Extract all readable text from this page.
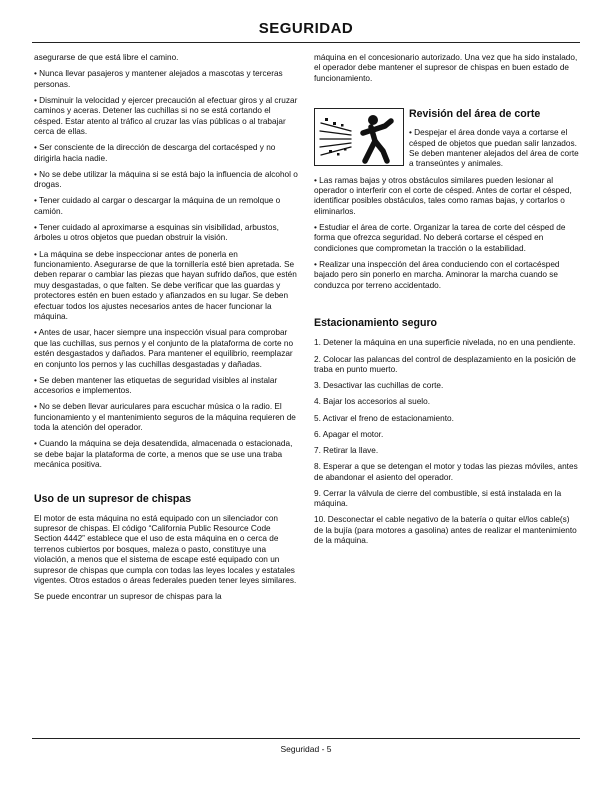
SEGURIDAD

asegurarse de que está libre el camino.

• Nunca llevar pasajeros y mantener alejados a mascotas y terceras personas.

• Disminuir la velocidad y ejercer precaución al efectuar giros y al cruzar caminos y aceras. Detener las cuchillas si no se está cortando el césped. Estar atento al tráfico al cruzar las vías públicas o al trabajar cerca de ellas.

• Ser consciente de la dirección de descarga del cortacésped y no dirigirla hacia nadie.

• No se debe utilizar la máquina si se está bajo la influencia de alcohol o drogas.

• Tener cuidado al cargar o descargar la máquina de un remolque o camión.

• Tener cuidado al aproximarse a esquinas sin visibilidad, arbustos, árboles u otros objetos que puedan obstruir la visión.

• La máquina se debe inspeccionar antes de ponerla en funcionamiento. Asegurarse de que la tornillería esté bien apretada. Se deben reparar o cambiar las piezas que hayan sufrido daños, que estén muy desgastadas, o que falten. Se debe verificar que las guardas y protectores estén en buen estado y afianzados en su lugar. Se deben efectuar todos los ajustes necesarios antes de hacer funcionar la máquina.

• Antes de usar, hacer siempre una inspección visual para comprobar que las cuchillas, sus pernos y el conjunto de la plataforma de corte no estén desgastados y dañados. Para mantener el equilibrio, reemplazar en conjunto los pernos y las cuchillas desgastadas y dañadas.

• Se deben mantener las etiquetas de seguridad visibles al instalar accesorios e implementos.

• No se deben llevar auriculares para escuchar música o la radio. El funcionamiento y el mantenimiento seguros de la máquina requieren de toda la atención del operador.

• Cuando la máquina se deja desatendida, almacenada o estacionada, se debe bajar la plataforma de corte, a menos que se use una traba mecánica positiva.

Uso de un supresor de chispas

El motor de esta máquina no está equipado con un silenciador con supresor de chispas. El código “California Public Resource Code Section 4442” establece que el uso de esta máquina en o cerca de terrenos cubiertos por bosques, maleza o pasto, constituye una violación, a menos que el sistema de escape esté equipado con un supresor de chispas que cumpla con todas las leyes locales y estatales vigentes. Otros estados o áreas federales pueden tener leyes similares.

Se puede encontrar un supresor de chispas para la

máquina en el concesionario autorizado. Una vez que ha sido instalado, el operador debe mantener el supresor de chispas en buen estado de funcionamiento.

Revisión del área de corte

• Despejar el área donde vaya a cortarse el césped de objetos que puedan salir lanzados. Se deben mantener alejados del área de corte a transeúntes y animales.

• Las ramas bajas y otros obstáculos similares pueden lesionar al operador o interferir con el corte de césped. Antes de cortar el césped, identificar posibles obstáculos, tales como ramas bajas, y cortarlos o eliminarlos.

• Estudiar el área de corte. Organizar la tarea de corte del césped de forma que ofrezca seguridad. No deberá cortarse el césped en condiciones que comprometan la tracción o la estabilidad.

• Realizar una inspección del área conduciendo con el cortacésped bajado pero sin ponerlo en marcha. Aminorar la marcha cuando se conduzca por terreno accidentado.

Estacionamiento seguro

1. Detener la máquina en una superficie nivelada, no en una pendiente.

2. Colocar las palancas del control de desplazamiento en la posición de traba en punto muerto.

3. Desactivar las cuchillas de corte.

4. Bajar los accesorios al suelo.

5. Activar el freno de estacionamiento.

6. Apagar el motor.

7. Retirar la llave.

8. Esperar a que se detengan el motor y todas las piezas móviles, antes de abandonar el asiento del operador.

9. Cerrar la válvula de cierre del combustible, si está instalada en la máquina.

10. Desconectar el cable negativo de la batería o quitar el/los cable(s) de la bujía (para motores a gasolina) antes de realizar el mantenimiento de la máquina.

Seguridad - 5
